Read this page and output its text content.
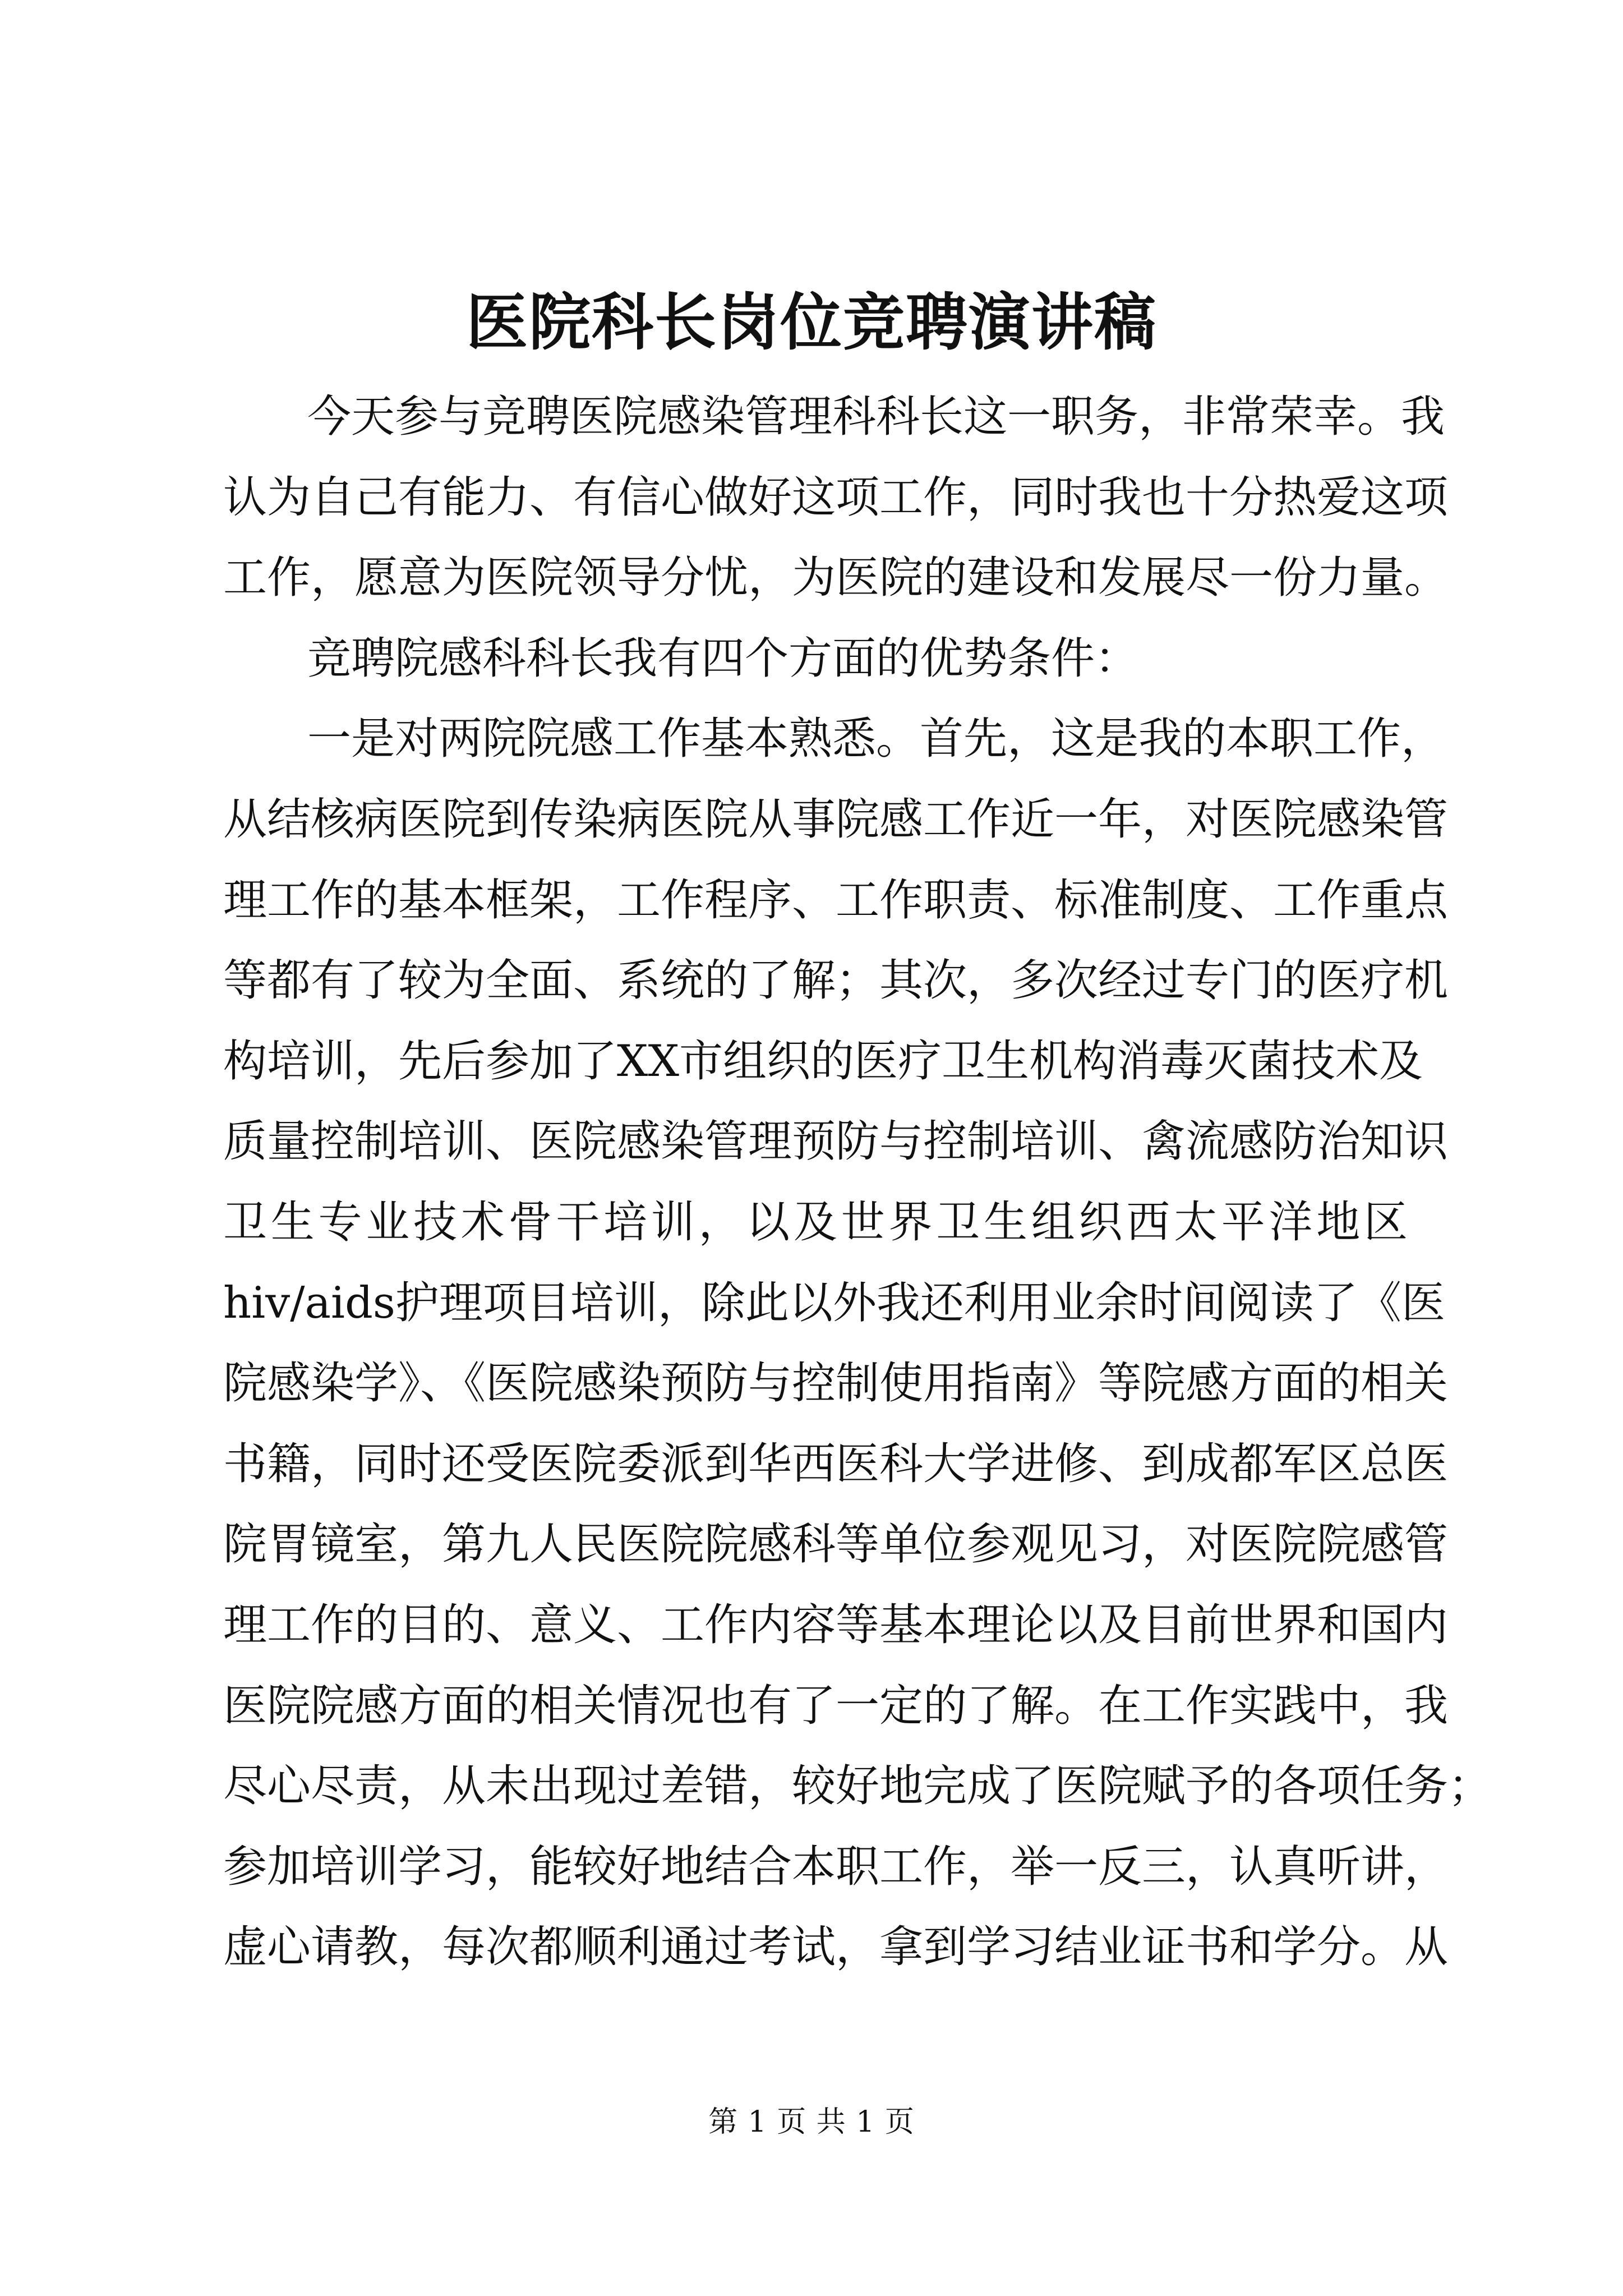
医院科长岗位竞聘演讲稿
今天参与竞聘医院感染管理科科长这一职务，非常荣幸。我
认为自己有能力、有信心做好这项工作，同时我也十分热爱这项
工作，愿意为医院领导分忧，为医院的建设和发展尽一份力量。
竞聘院感科科长我有四个方面的优势条件：
一是对两院院感工作基本熟悉。首先，这是我的本职工作，
从结核病医院到传染病医院从事院感工作近一年，对医院感染管
理工作的基本框架，工作程序、工作职责、标准制度、工作重点
等都有了较为全面、系统的了解；其次，多次经过专门的医疗机
构培训，先后参加了XX市组织的医疗卫生机构消毒灭菌技术及
质量控制培训、医院感染管理预防与控制培训、禽流感防治知识
卫生专业技术骨干培训，以及世界卫生组织西太平洋地区
hiv/aids护理项目培训，除此以外我还利用业余时间阅读了《医
院感染学》、《医院感染预防与控制使用指南》等院感方面的相关
书籍，同时还受医院委派到华西医科大学进修、到成都军区总医
院胃镜室，第九人民医院院感科等单位参观见习，对医院院感管
理工作的目的、意义、工作内容等基本理论以及目前世界和国内
医院院感方面的相关情况也有了一定的了解。在工作实践中，我
尽心尽责，从未出现过差错，较好地完成了医院赋予的各项任务；
参加培训学习，能较好地结合本职工作，举一反三，认真听讲，
虚心请教，每次都顺利通过考试，拿到学习结业证书和学分。从
第 1 页 共 1 页
